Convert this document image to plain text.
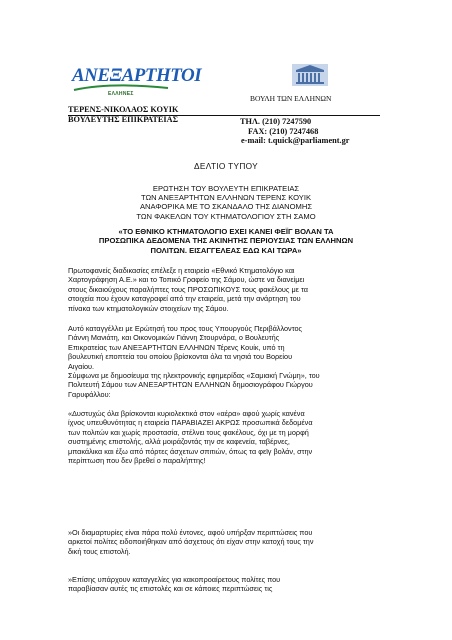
ΑΝΕΞΑΡΤΗΤΟΙ
ΕΛΛΗΝΕΣ	ΒΟΥΛΗ ΤΩΝ ΕΛΛΗΝΩΝ
ΤΕΡΕΝΣ-ΝΙΚΟΛΑΟΣ ΚΟΥΙΚ
ΒΟΥΛΕΥΤΗΣ ΕΠΙΚΡΑΤΕΙΑΣ	ΤΗΛ. (210) 7247590
FAX: (210) 7247468
e-mail: t.quick@parliament.gr
ΔΕΛΤΙΟ ΤΥΠΟΥ
ΕΡΩΤΗΣΗ ΤΟΥ ΒΟΥΛΕΥΤΗ ΕΠΙΚΡΑΤΕΙΑΣ
ΤΩΝ ΑΝΕΞΑΡΤΗΤΩΝ ΕΛΛΗΝΩΝ ΤΕΡΕΝΣ ΚΟΥΙΚ
ΑΝΑΦΟΡΙΚΑ ΜΕ ΤΟ ΣΚΑΝΔΑΛΟ ΤΗΣ ΔΙΑΝΟΜΗΣ
ΤΩΝ ΦΑΚΕΛΩΝ ΤΟΥ ΚΤΗΜΑΤΟΛΟΓΙΟΥ ΣΤΗ ΣΑΜΟ
«ΤΟ ΕΘΝΙΚΟ ΚΤΗΜΑΤΟΛΟΓΙΟ ΕΧΕΙ ΚΑΝΕΙ ΦΕΪΓ ΒΟΛΑΝ ΤΑ
ΠΡΟΣΩΠΙΚΑ ΔΕΔΟΜΕΝΑ ΤΗΣ ΑΚΙΝΗΤΗΣ ΠΕΡΙΟΥΣΙΑΣ ΤΩΝ ΕΛΛΗΝΩΝ
ΠΟΛΙΤΩΝ. ΕΙΣΑΓΓΕΛΕΑΣ ΕΔΩ ΚΑΙ ΤΩΡΑ»

Πρωτοφανείς διαδικασίες επέλεξε η εταιρεία «Εθνικό Κτηματολόγιο και

Χαρτογράφηση Α.Ε.» και το Τοπικό Γραφείο της Σάμου, ώστε να διανείμει

στους δικαιούχους παραλήπτες τους ΠΡΟΣΩΠΙΚΟΥΣ τους φακέλους με τα

στοιχεία που έχουν καταγραφεί από την εταιρεία, μετά την ανάρτηση του

πίνακα των κτηματολογικών στοιχείων της Σάμου.

Αυτό καταγγέλλει με Ερώτησή του προς τους Υπουργούς Περιβάλλοντος

Γιάννη Μανιάτη, και Οικονομικών Γιάννη Στουρνάρα, ο Βουλευτής

Επικρατείας των ΑΝΕΞΑΡΤΗΤΩΝ ΕΛΛΗΝΩΝ Τέρενς Κουίκ, υπό τη

βουλευτική εποπτεία του οποίου βρίσκονται όλα τα νησιά του Βορείου

Αιγαίου.

Σύμφωνα με δημοσίευμα της ηλεκτρονικής εφημερίδας «Σαμιακή Γνώμη», του

Πολιτευτή Σάμου των ΑΝΕΞΑΡΤΗΤΩΝ ΕΛΛΗΝΩΝ δημοσιογράφου Γιώργου

Γαρυφάλλου:

«Δυστυχώς όλα βρίσκονται κυριολεκτικά στον «αέρα» αφού χωρίς κανένα

ίχνος υπευθυνότητας η εταιρεία ΠΑΡΑΒΙΑΖΕΙ ΑΚΡΩΣ προσωπικά δεδομένα

των πολιτών και χωρίς προστασία, στέλνει τους φακέλους, όχι με τη μορφή

συστημένης επιστολής, αλλά μοιράζοντάς την σε καφενεία, ταβέρνες,

μπακάλικα και έξω από πόρτες άσχετων σπιτιών, όπως τα φεϊγ βολάν, στην

περίπτωση που δεν βρεθεί ο παραλήπτης!

»Οι διαμαρτυρίες είναι πάρα πολύ έντονες, αφού υπήρξαν περιπτώσεις που

αρκετοί πολίτες ειδοποιήθηκαν από άσχετους ότι είχαν στην κατοχή τους την

δική τους επιστολή.

»Επίσης υπάρχουν καταγγελίες για κακοπροαίρετους πολίτες που

παραβίασαν αυτές τις επιστολές και σε κάποιες περιπτώσεις τις
